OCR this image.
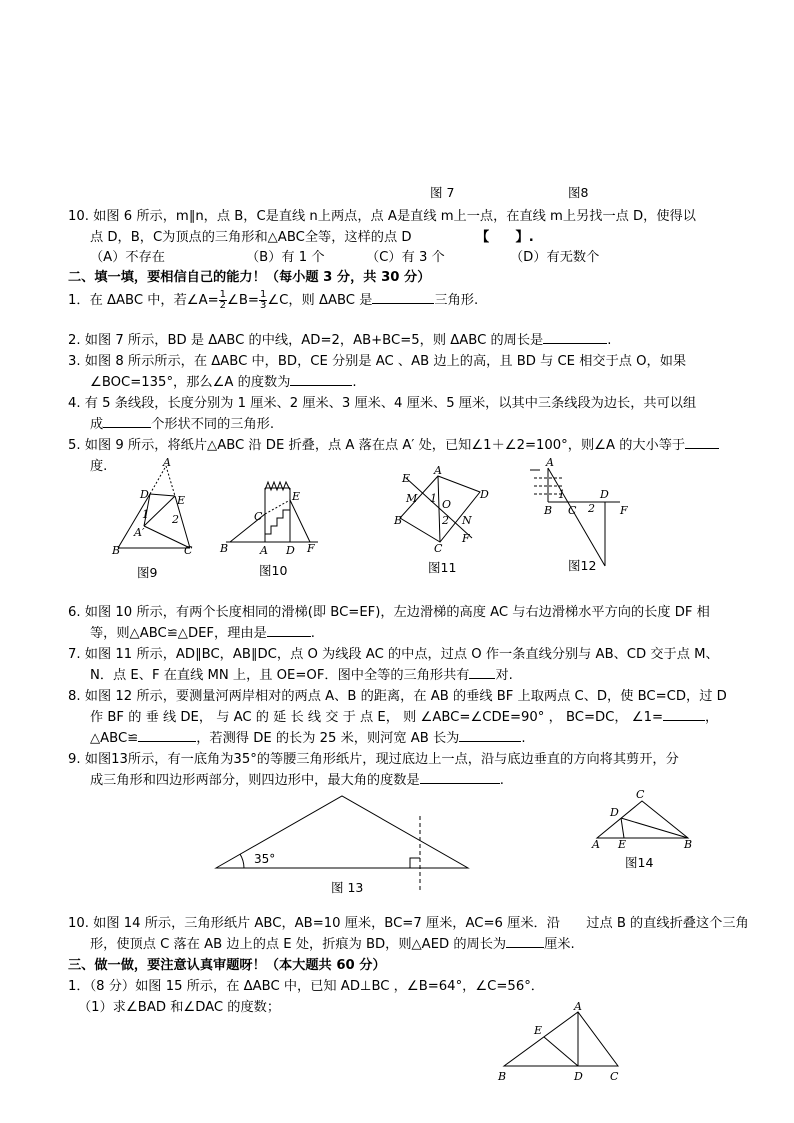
图 7	图8
10. 如图 6 所示，m∥n，点 B，C是直线 n上两点，点 A是直线 m上一点，在直线 m上另找一点 D，使得以
点 D，B，C为顶点的三角形和△ABC全等，这样的点 D	【　　】.
（A）不存在	（B）有 1 个	（C）有 3 个	（D）有无数个
二、填一填，要相信自己的能力！（每小题 3 分，共 30 分）
1．在 ΔABC 中，若∠A= $\frac{1}{2}$ ∠B= $\frac{1}{3}$ ∠C，则 ΔABC 是	三角形.
2. 如图 7 所示，BD 是 ΔABC 的中线，AD=2，AB+BC=5，则 ΔABC 的周长是	.
3. 如图 8 所示所示，在 ΔABC 中，BD，CE 分别是 AC 、AB 边上的高，且 BD 与 CE 相交于点 O，如果
∠BOC=135°，那么∠A 的度数为	.
4. 有 5 条线段，长度分别为 1 厘米、2 厘米、3 厘米、4 厘米、5 厘米，以其中三条线段为边长，共可以组
成	个形状不同的三角形.
5. 如图 9 所示，将纸片△ABC 沿 DE 折叠，点 A 落在点 A′ 处，已知∠1＋∠2=100°，则∠A 的大小等于
度.	A
D	E
A′
1 2
B	C
C
E
B	A D F
A
E
M 1 O
D
B	2 N
F
C
A
1	D
B C 2 F
图9	图10	图11	图12
6. 如图 10 所示，有两个长度相同的滑梯(即 BC=EF)，左边滑梯的高度 AC 与右边滑梯水平方向的长度 DF 相
等，则△ABC≌△DEF，理由是	.
7. 如图 11 所示，AD∥BC，AB∥DC，点 O 为线段 AC 的中点，过点 O 作一条直线分别与 AB、CD 交于点 M、
N．点 E、F 在直线 MN 上，且 OE=OF．图中全等的三角形共有 对.
8. 如图 12 所示，要测量河两岸相对的两点 A、B 的距离，在 AB 的垂线 BF 上取两点 C、D，使 BC=CD，过 D
作 BF 的 垂 线 DE， 与 AC 的 延 长 线 交 于 点 E， 则 ∠ABC=∠CDE=90° ， BC=DC， ∠1=	，
△ABC≌	，若测得 DE 的长为 25 米，则河宽 AB 长为	.
9. 如图13所示，有一底角为35°的等腰三角形纸片，现过底边上一点，沿与底边垂直的方向将其剪开，分
成三角形和四边形两部分，则四边形中，最大角的度数是	.
35°
C
D
A E	B
图 13
图14
10. 如图 14 所示，三角形纸片 ABC，AB=10 厘米，BC=7 厘米，AC=6 厘米．沿　　过点 B 的直线折叠这个三角
形，使顶点 C 落在 AB 边上的点 E 处，折痕为 BD，则△AED 的周长为	厘米.
三、做一做，要注意认真审题呀！（本大题共 60 分）
1．（8 分）如图 15 所示，在 ΔABC 中，已知 AD⊥BC ，∠B=64°，∠C=56°．
（1）求∠BAD 和∠DAC 的度数；	A
E
B	D C
